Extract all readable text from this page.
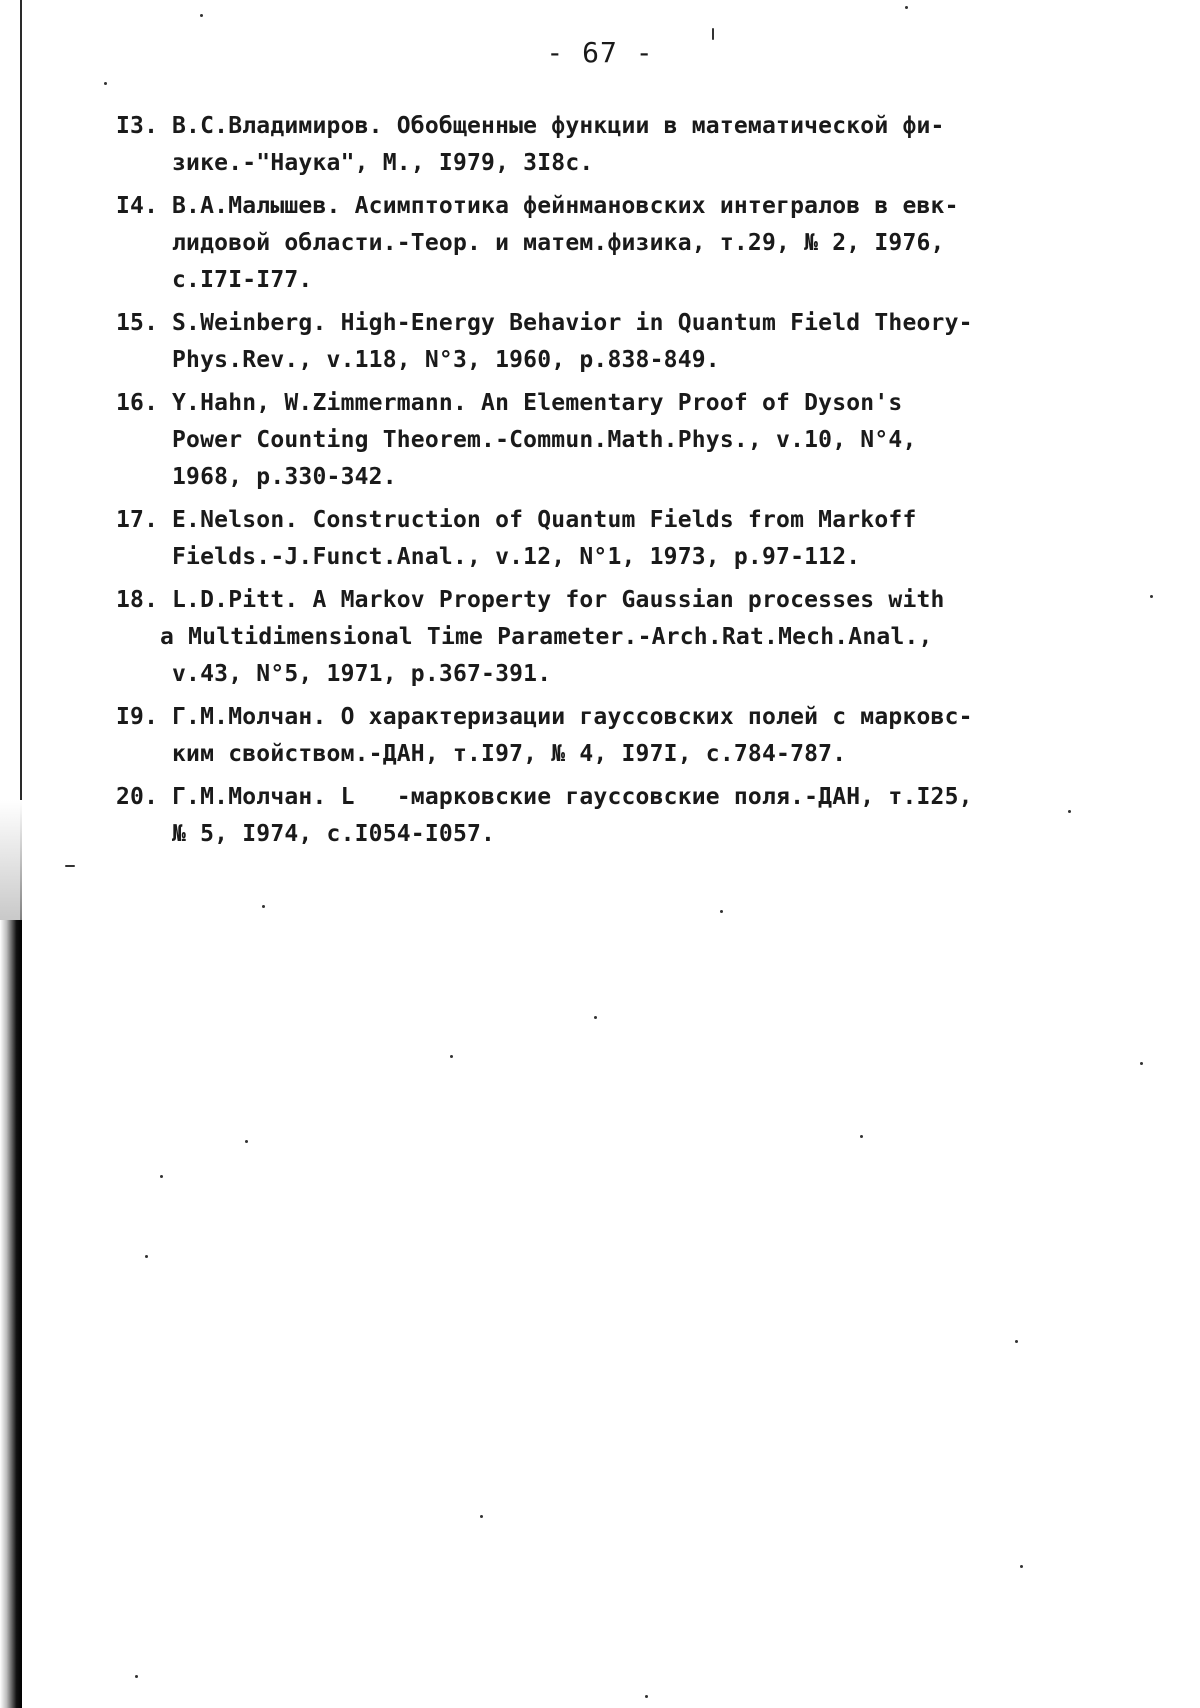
- 67 -
I3. В.С.Владимиров. Обобщенные функции в математической фи-
зике.-"Наука", М., I979, 3I8с.
I4. В.А.Малышев. Асимптотика фейнмановских интегралов в евк-
лидовой области.-Теор. и матем.физика, т.29, № 2, I976,
с.I7I-I77.
15. S.Weinberg. High-Energy Behavior in Quantum Field Theory-
Phys.Rev., v.118, N°3, 1960, p.838-849.
16. Y.Hahn, W.Zimmermann. An Elementary Proof of Dyson's
Power Counting Theorem.-Commun.Math.Phys., v.10, N°4,
1968, p.330-342.
17. E.Nelson. Construction of Quantum Fields from Markoff
Fields.-J.Funct.Anal., v.12, N°1, 1973, p.97-112.
18. L.D.Pitt. A Markov Property for Gaussian processes with
a Multidimensional Time Parameter.-Arch.Rat.Mech.Anal.,
v.43, N°5, 1971, p.367-391.
I9. Г.М.Молчан. О характеризации гауссовских полей с марковс-
ким свойством.-ДАН, т.I97, № 4, I97I, с.784-787.
20. Г.М.Молчан. L   -марковские гауссовские поля.-ДАН, т.I25,
№ 5, I974, с.I054-I057.
